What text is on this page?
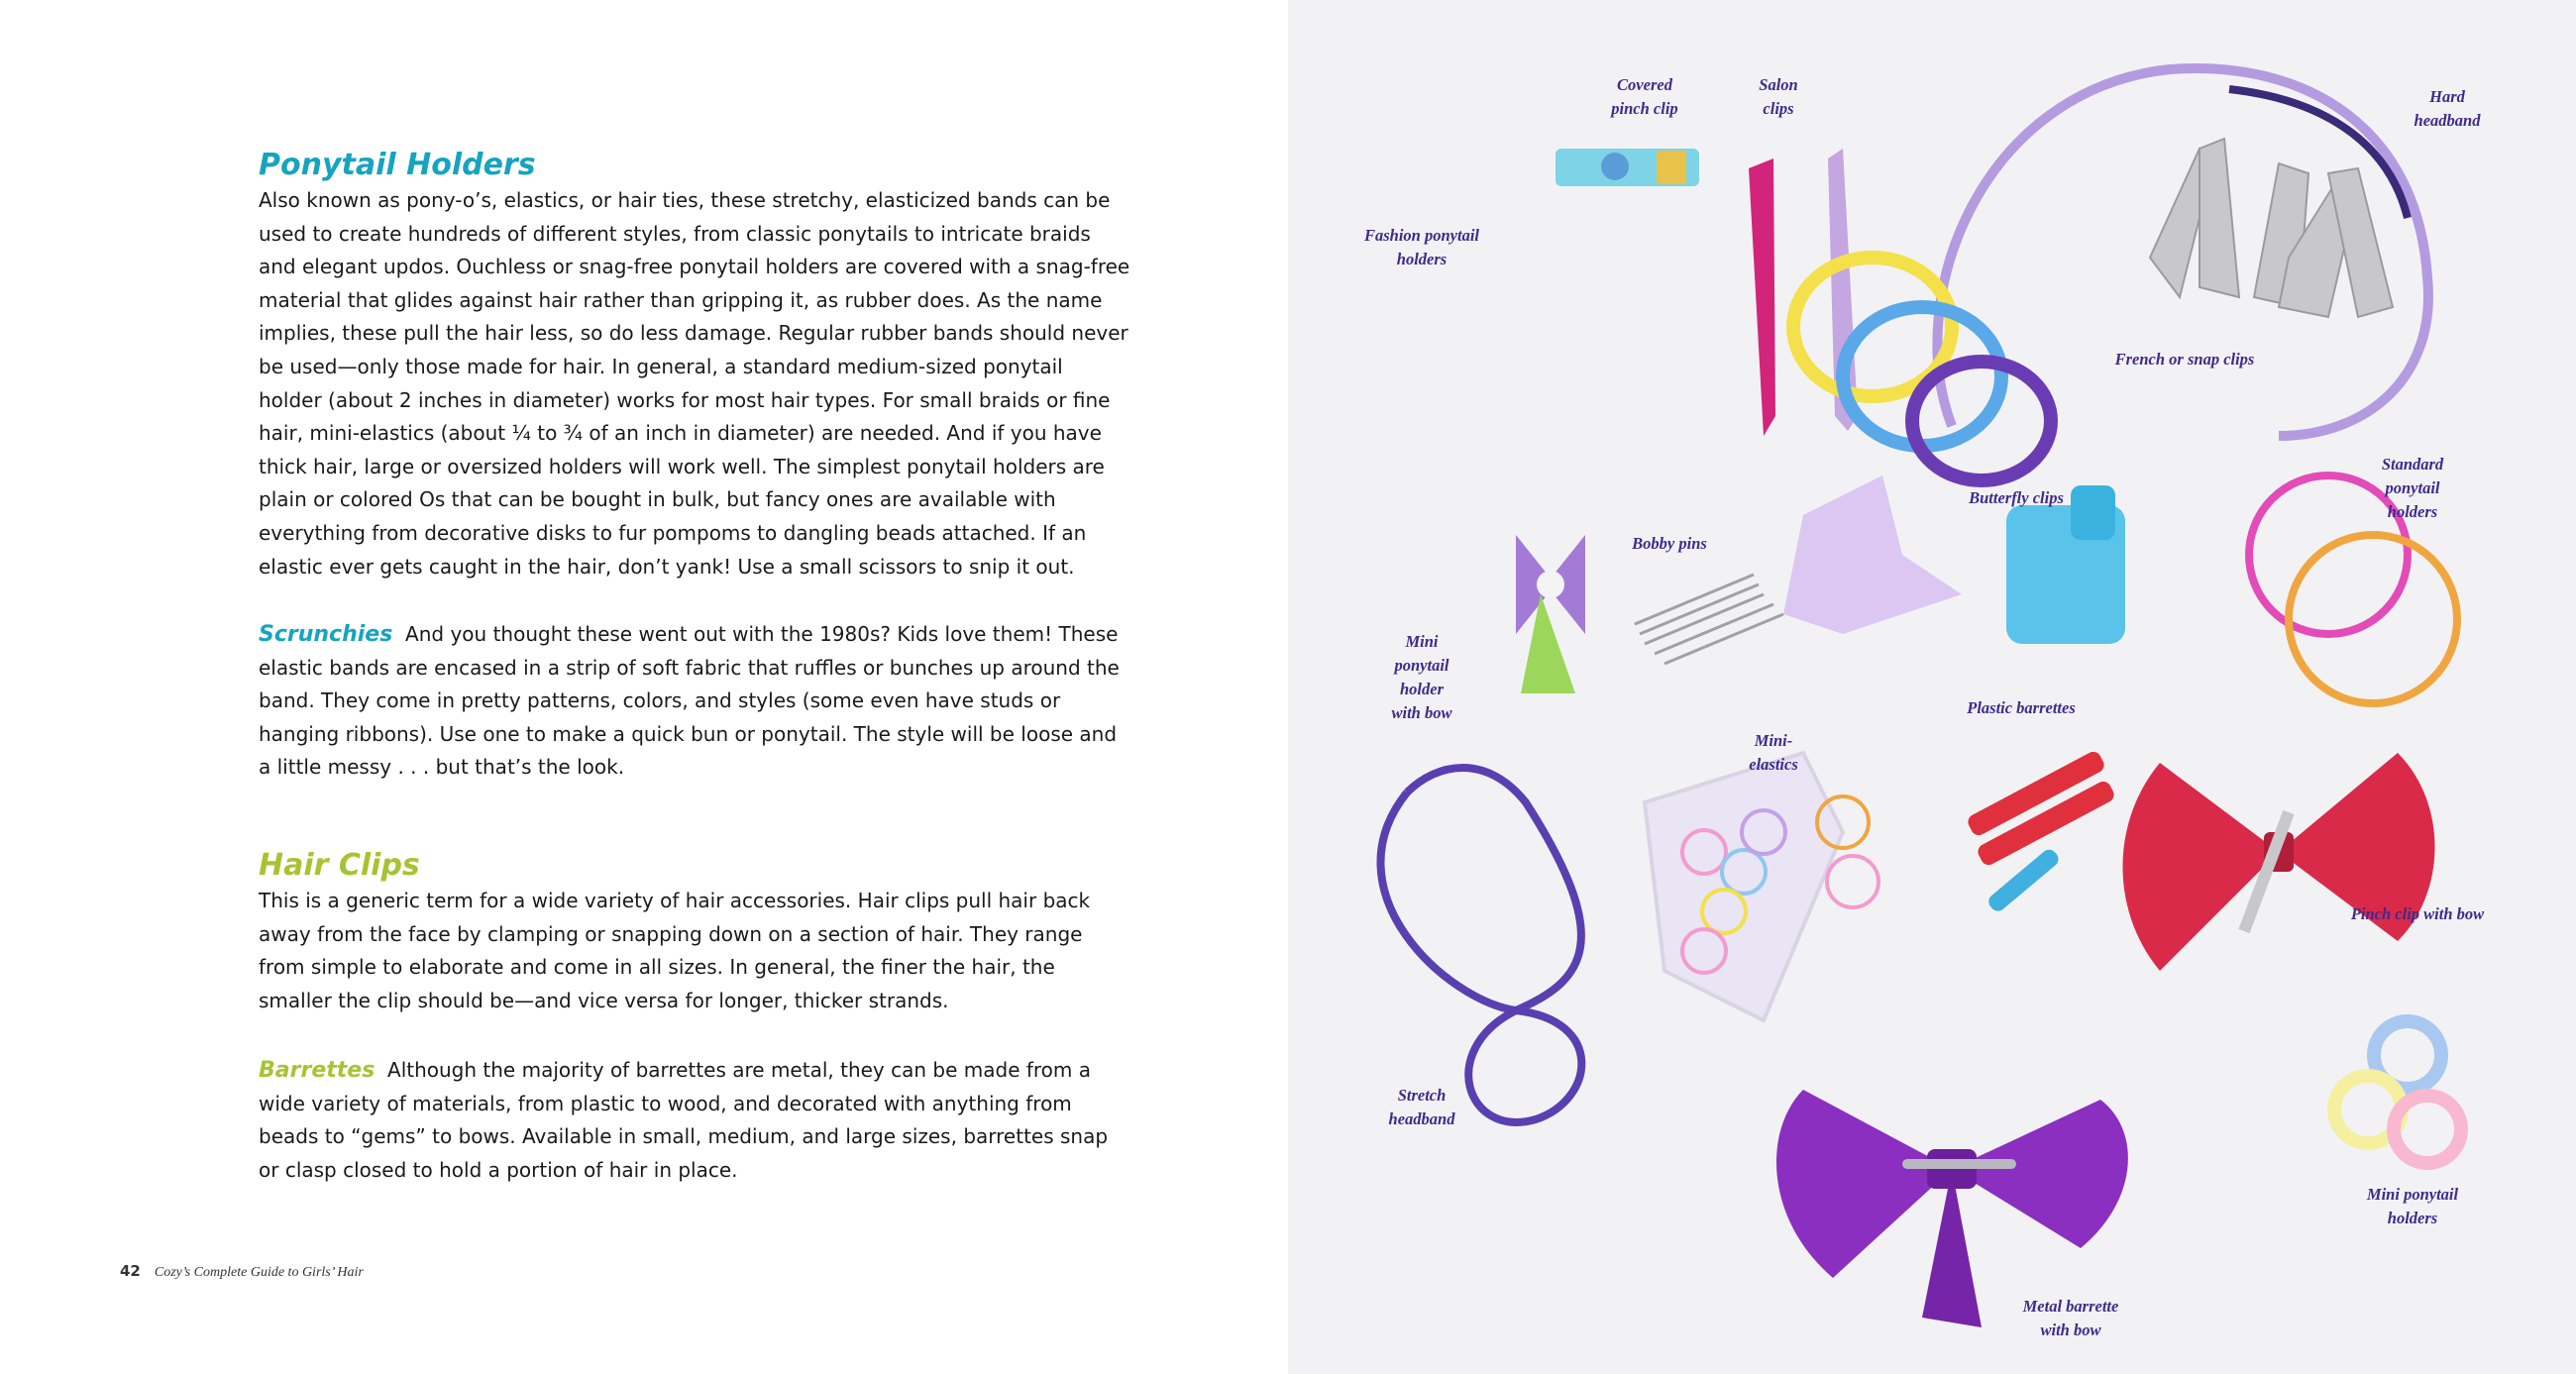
Ponytail Holders

Also known as pony-o’s, elastics, or hair ties, these stretchy, elasticized bands can be used to create hundreds of different styles, from classic ponytails to intricate braids and elegant updos. Ouchless or snag-free ponytail holders are covered with a snag-free material that glides against hair rather than gripping it, as rubber does. As the name implies, these pull the hair less, so do less damage. Regular rubber bands should never be used—only those made for hair. In general, a standard medium-sized ponytail holder (about 2 inches in diameter) works for most hair types. For small braids or fine hair, mini-elastics (about ¼ to ¾ of an inch in diameter) are needed. And if you have thick hair, large or oversized holders will work well. The simplest ponytail holders are plain or colored Os that can be bought in bulk, but fancy ones are available with everything from decorative disks to fur pompoms to dangling beads attached. If an elastic ever gets caught in the hair, don’t yank! Use a small scissors to snip it out.

Scrunchies And you thought these went out with the 1980s? Kids love them! These elastic bands are encased in a strip of soft fabric that ruffles or bunches up around the band. They come in pretty patterns, colors, and styles (some even have studs or hanging ribbons). Use one to make a quick bun or ponytail. The style will be loose and a little messy . . . but that’s the look.

Hair Clips

This is a generic term for a wide variety of hair accessories. Hair clips pull hair back away from the face by clamping or snapping down on a section of hair. They range from simple to elaborate and come in all sizes. In general, the finer the hair, the smaller the clip should be—and vice versa for longer, thicker strands.

Barrettes Although the majority of barrettes are metal, they can be made from a wide variety of materials, from plastic to wood, and decorated with anything from beads to “gems” to bows. Available in small, medium, and large sizes, barrettes snap or clasp closed to hold a portion of hair in place.

42 Cozy’s Complete Guide to Girls’ Hair
Covered
pinch clip
Salon
clips
Hard
headband
Fashion ponytail
holders
French or snap clips
Bobby pins
Butterfly clips
Standard
ponytail
holders
Mini
ponytail
holder
with bow	Plastic barrettes
Mini-
elastics
Pinch clip with bow
Stretch
headband
Mini ponytail
holders
Metal barrette
with bow
